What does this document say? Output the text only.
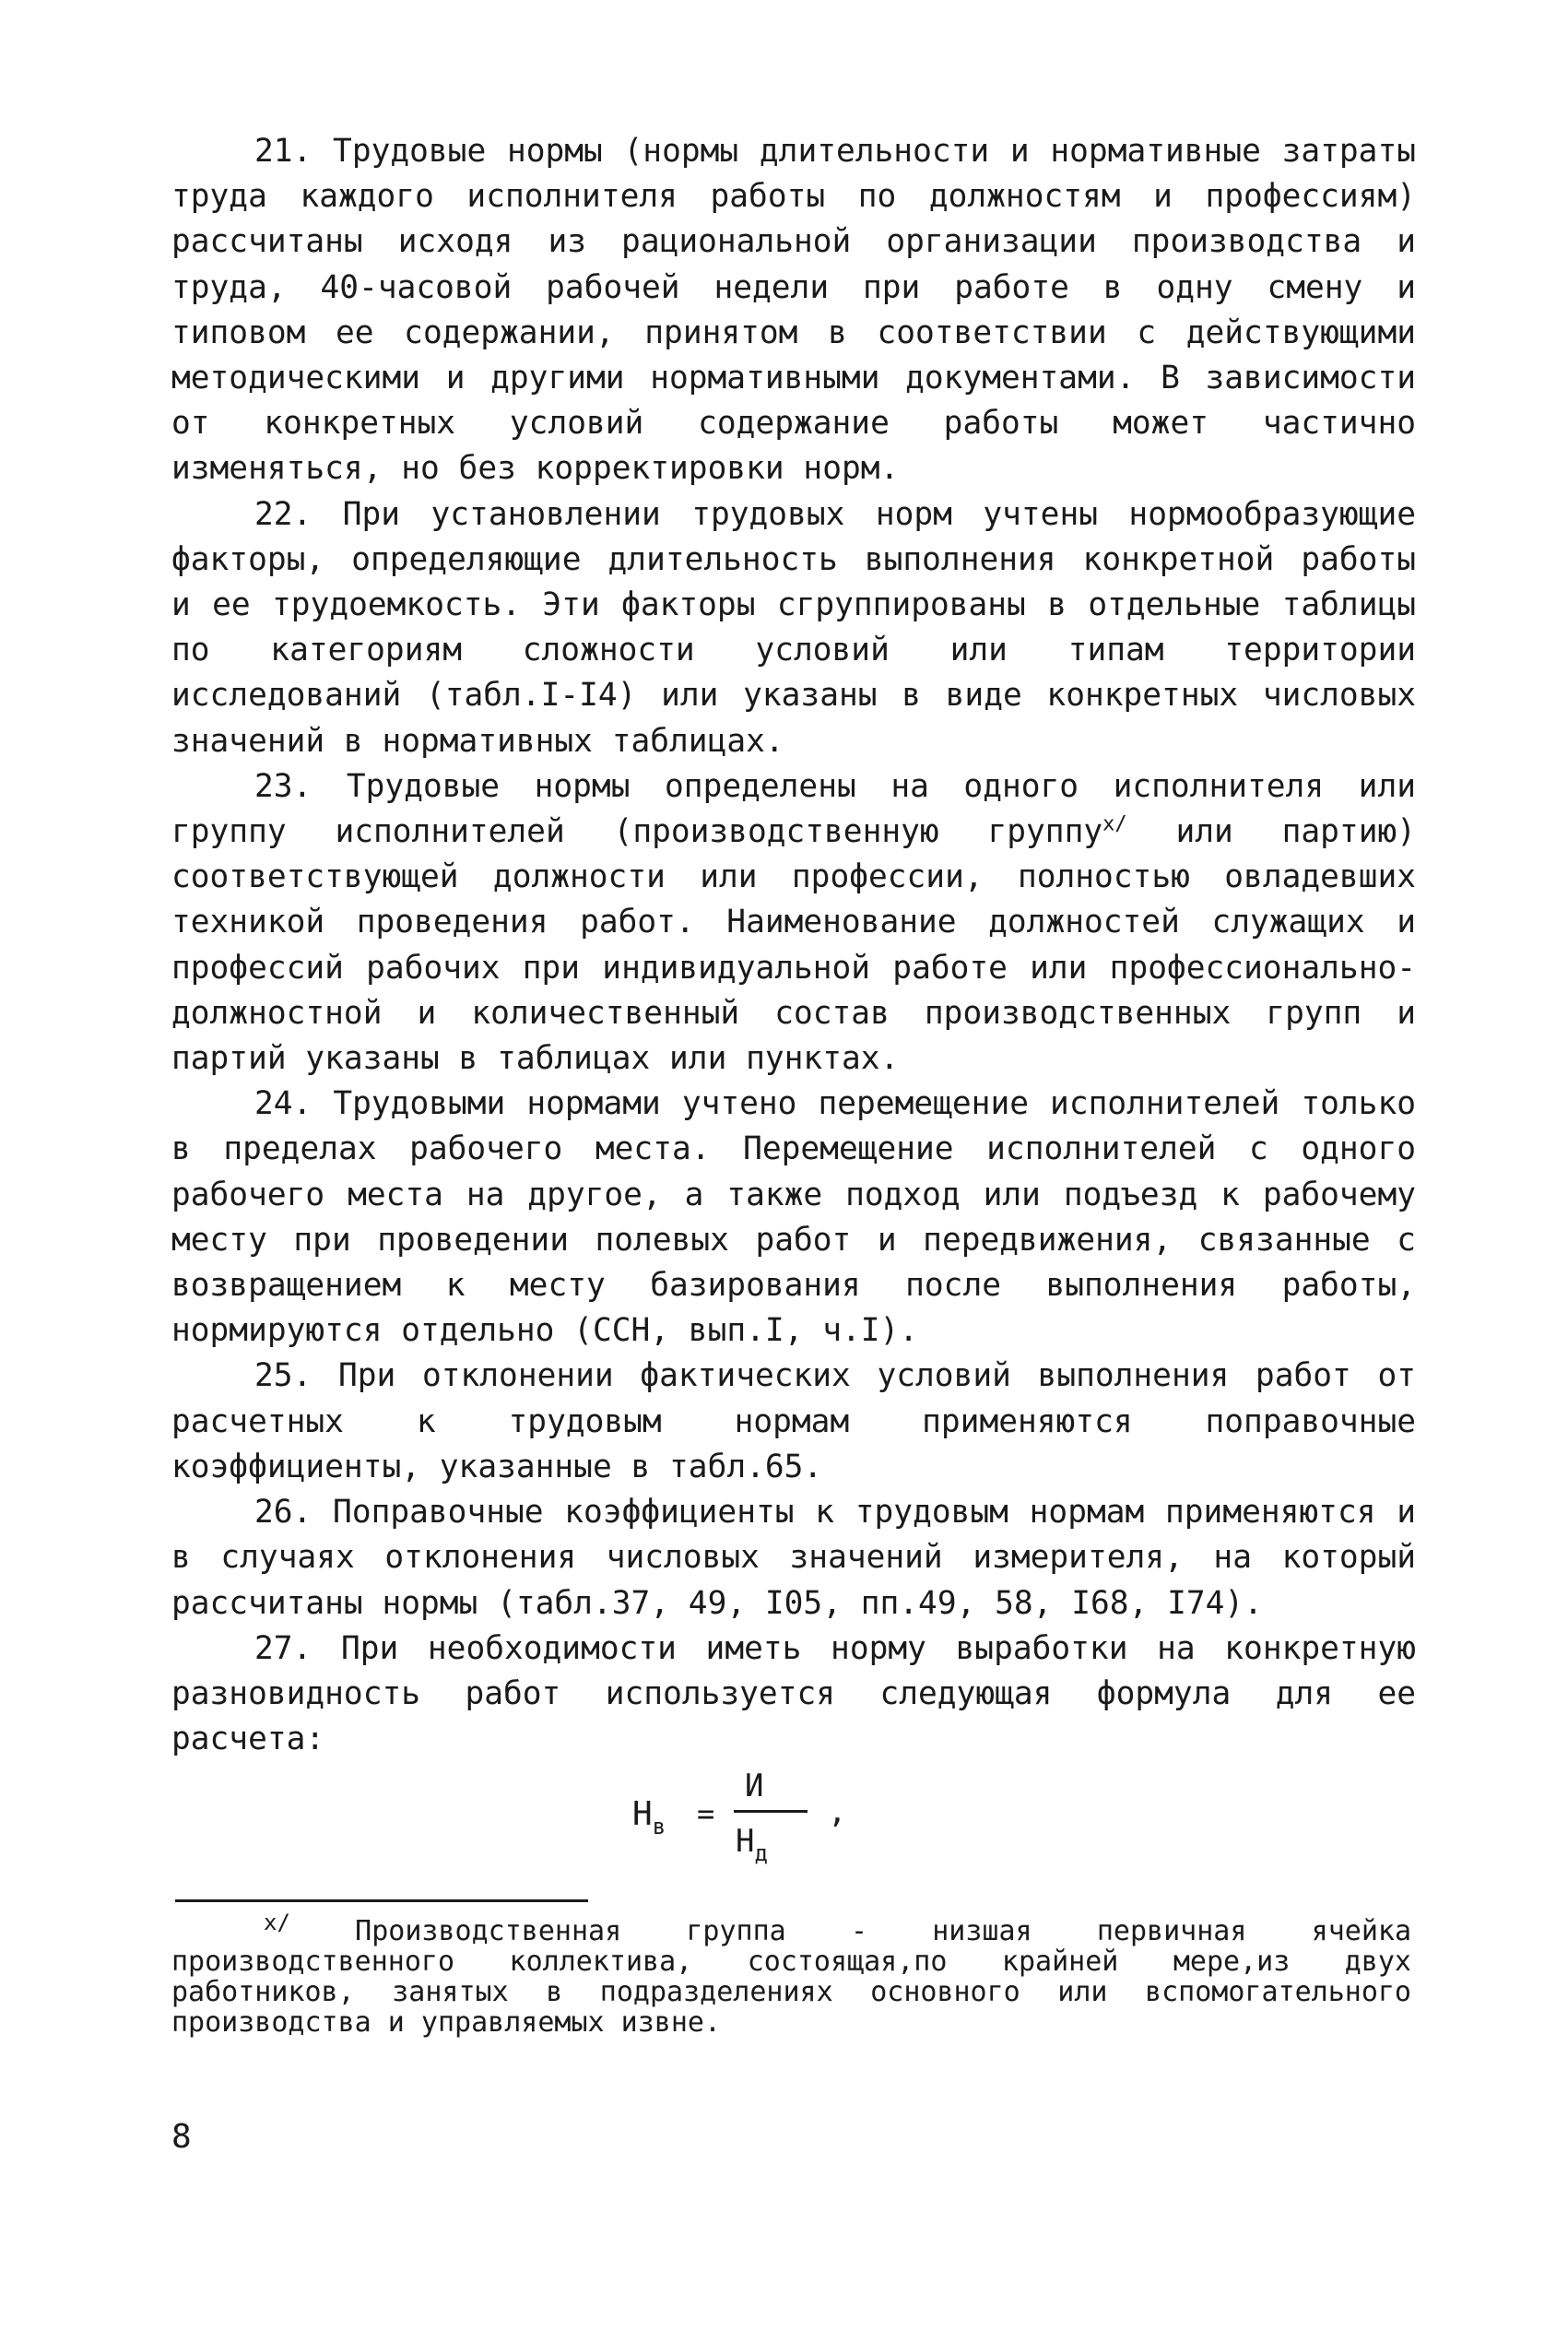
21. Трудовые нормы (нормы длительности и нормативные затраты труда каждого исполнителя работы по должностям и профессиям) рассчитаны исходя из рациональной организации производства и труда, 40-часовой рабочей недели при работе в одну смену и типовом ее содержании, принятом в соответствии с действующими методическими и другими нормативными документами. В зависимости от конкретных условий содержание работы может частично изменяться, но без корректировки норм.

22. При установлении трудовых норм учтены нормообразующие факторы, определяющие длительность выполнения конкретной работы и ее трудоемкость. Эти факторы сгруппированы в отдельные таблицы по категориям сложности условий или типам территории исследований (табл.I-I4) или указаны в виде конкретных числовых значений в нормативных таблицах.

23. Трудовые нормы определены на одного исполнителя или группу исполнителей (производственную группу$^{x/}$ или партию) соответствующей должности или профессии, полностью овладевших техникой проведения работ. Наименование должностей служащих и профессий рабочих при индивидуальной работе или профессионально-должностной и количественный состав производственных групп и партий указаны в таблицах или пунктах.

24. Трудовыми нормами учтено перемещение исполнителей только в пределах рабочего места. Перемещение исполнителей с одного рабочего места на другое, а также подход или подъезд к рабочему месту при проведении полевых работ и передвижения, связанные с возвращением к месту базирования после выполнения работы, нормируются отдельно (ССН, вып.I, ч.I).

25. При отклонении фактических условий выполнения работ от расчетных к трудовым нормам применяются поправочные коэффициенты, указанные в табл.65.

26. Поправочные коэффициенты к трудовым нормам применяются и в случаях отклонения числовых значений измерителя, на который рассчитаны нормы (табл.37, 49, I05, пп.49, 58, I68, I74).

27. При необходимости иметь норму выработки на конкретную разновидность работ используется следующая формула для ее расчета:

$Н_в$ =
И
$Н_д$
,
x/ Производственная группа - низшая первичная ячейка производственного коллектива, состоящая,по крайней мере,из двух работников, занятых в подразделениях основного или вспомогательного производства и управляемых извне.
8
